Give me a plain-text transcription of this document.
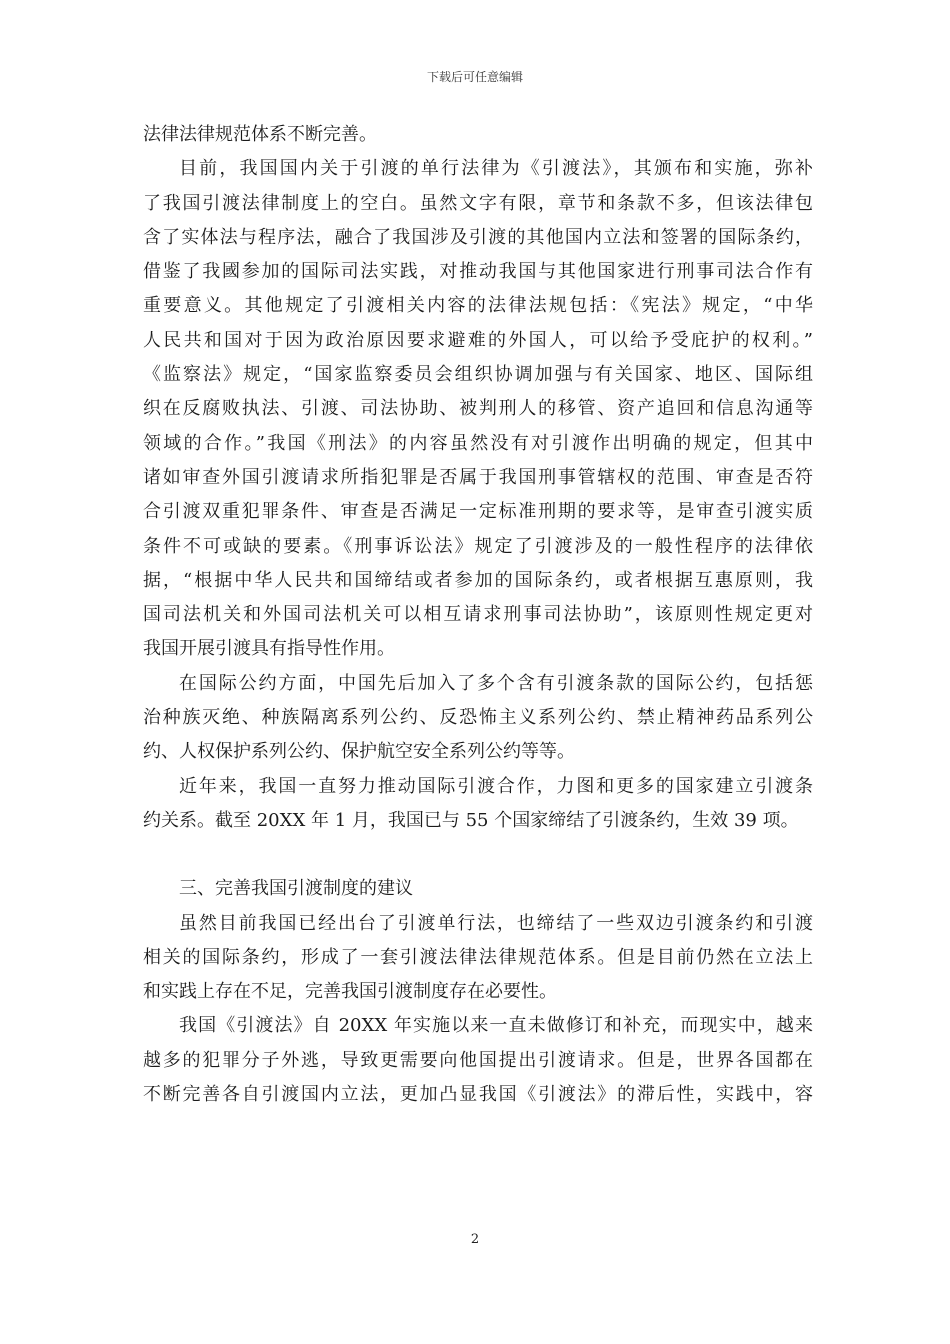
下载后可任意编辑
法律法律规范体系不断完善。
目前，我国国内关于引渡的单行法律为《引渡法》，其颁布和实施，弥补
了我国引渡法律制度上的空白。虽然文字有限，章节和条款不多，但该法律包
含了实体法与程序法，融合了我国涉及引渡的其他国内立法和签署的国际条约，
借鉴了我國参加的国际司法实践，对推动我国与其他国家进行刑事司法合作有
重要意义。其他规定了引渡相关内容的法律法规包括：《宪法》规定，“中华
人民共和国对于因为政治原因要求避难的外国人，可以给予受庇护的权利。”
《监察法》规定，“国家监察委员会组织协调加强与有关国家、地区、国际组
织在反腐败执法、引渡、司法协助、被判刑人的移管、资产追回和信息沟通等
领域的合作。”我国《刑法》的内容虽然没有对引渡作出明确的规定，但其中
诸如审查外国引渡请求所指犯罪是否属于我国刑事管辖权的范围、审查是否符
合引渡双重犯罪条件、审查是否满足一定标准刑期的要求等，是审查引渡实质
条件不可或缺的要素。《刑事诉讼法》规定了引渡涉及的一般性程序的法律依
据，“根据中华人民共和国缔结或者参加的国际条约，或者根据互惠原则，我
国司法机关和外国司法机关可以相互请求刑事司法协助”，该原则性规定更对
我国开展引渡具有指导性作用。
在国际公约方面，中国先后加入了多个含有引渡条款的国际公约，包括惩
治种族灭绝、种族隔离系列公约、反恐怖主义系列公约、禁止精神药品系列公
约、人权保护系列公约、保护航空安全系列公约等等。
近年来，我国一直努力推动国际引渡合作，力图和更多的国家建立引渡条
约关系。截至 20XX 年 1 月，我国已与 55 个国家缔结了引渡条约，生效 39 项。
三、完善我国引渡制度的建议
虽然目前我国已经出台了引渡单行法，也缔结了一些双边引渡条约和引渡
相关的国际条约，形成了一套引渡法律法律规范体系。但是目前仍然在立法上
和实践上存在不足，完善我国引渡制度存在必要性。
我国《引渡法》自 20XX 年实施以来一直未做修订和补充，而现实中，越来
越多的犯罪分子外逃，导致更需要向他国提出引渡请求。但是，世界各国都在
不断完善各自引渡国内立法，更加凸显我国《引渡法》的滞后性，实践中，容
2
